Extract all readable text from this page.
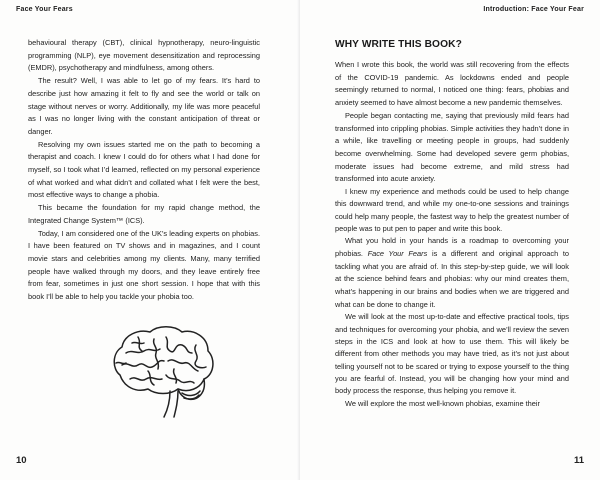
Face Your Fears

behavioural therapy (CBT), clinical hypnotherapy, neuro-linguistic programming (NLP), eye movement desensitization and reprocessing (EMDR), psychotherapy and mindfulness, among others.

The result? Well, I was able to let go of my fears. It’s hard to describe just how amazing it felt to fly and see the world or talk on stage without nerves or worry. Additionally, my life was more peaceful as I was no longer living with the constant anticipation of threat or danger.

Resolving my own issues started me on the path to becoming a therapist and coach. I knew I could do for others what I had done for myself, so I took what I’d learned, reflected on my personal experience of what worked and what didn’t and collated what I felt were the best, most effective ways to change a phobia.

This became the foundation for my rapid change method, the Integrated Change System™ (ICS).

Today, I am considered one of the UK’s leading experts on phobias. I have been featured on TV shows and in magazines, and I count movie stars and celebrities among my clients. Many, many terrified people have walked through my doors, and they leave entirely free from fear, sometimes in just one short session. I hope that with this book I’ll be able to help you tackle your phobia too.

10
Introduction: Face Your Fear
WHY WRITE THIS BOOK?

When I wrote this book, the world was still recovering from the effects of the COVID-19 pandemic. As lockdowns ended and people seemingly returned to normal, I noticed one thing: fears, phobias and anxiety seemed to have almost become a new pandemic themselves.

People began contacting me, saying that previously mild fears had transformed into crippling phobias. Simple activities they hadn’t done in a while, like travelling or meeting people in groups, had suddenly become overwhelming. Some had developed severe germ phobias, moderate issues had become extreme, and mild stress had transformed into acute anxiety.

I knew my experience and methods could be used to help change this downward trend, and while my one-to-one sessions and trainings could help many people, the fastest way to help the greatest number of people was to put pen to paper and write this book.

What you hold in your hands is a roadmap to overcoming your phobias. Face Your Fears is a different and original approach to tackling what you are afraid of. In this step-by-step guide, we will look at the science behind fears and phobias: why our mind creates them, what’s happening in our brains and bodies when we are triggered and what can be done to change it.

We will look at the most up-to-date and effective practical tools, tips and techniques for overcoming your phobia, and we’ll review the seven steps in the ICS and look at how to use them. This will likely be different from other methods you may have tried, as it’s not just about telling yourself not to be scared or trying to expose yourself to the thing you are fearful of. Instead, you will be changing how your mind and body process the response, thus helping you remove it.

We will explore the most well-known phobias, examine their

11
